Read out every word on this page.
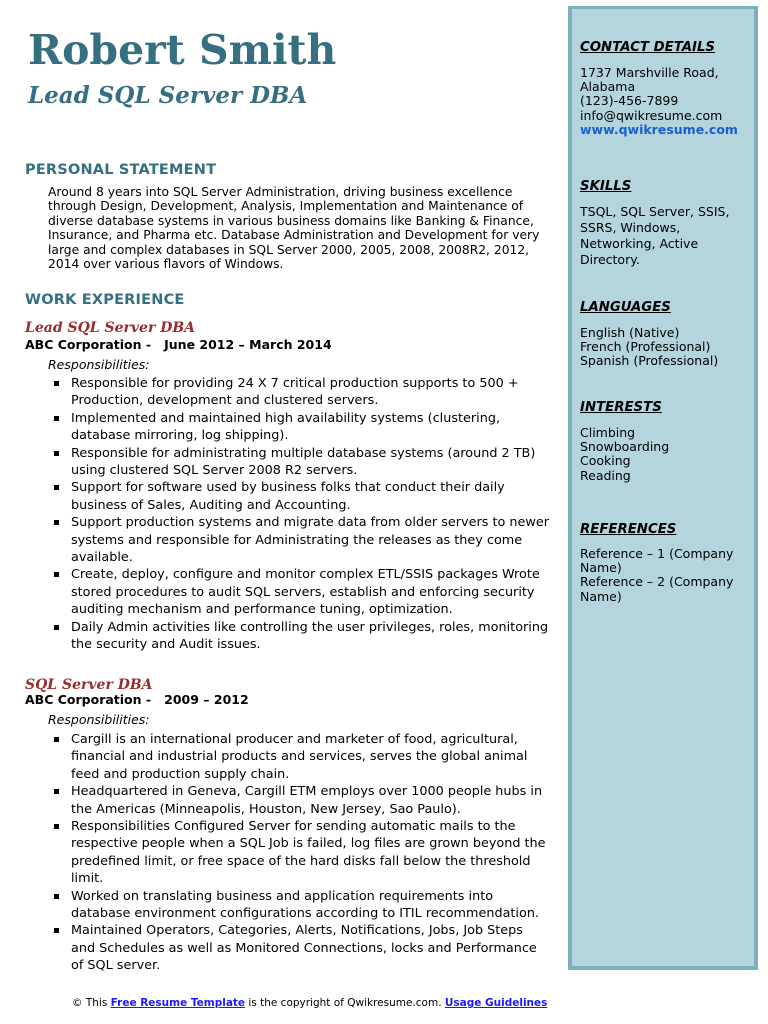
Robert Smith
Lead SQL Server DBA
PERSONAL STATEMENT

Around 8 years into SQL Server Administration, driving business excellence through Design, Development, Analysis, Implementation and Maintenance of diverse database systems in various business domains like Banking & Finance, Insurance, and Pharma etc. Database Administration and Development for very large and complex databases in SQL Server 2000, 2005, 2008, 2008R2, 2012, 2014 over various flavors of Windows.

WORK EXPERIENCE
Lead SQL Server DBA
ABC Corporation -   June 2012 – March 2014
Responsibilities:
Responsible for providing 24 X 7 critical production supports to 500 + Production, development and clustered servers.
Implemented and maintained high availability systems (clustering, database mirroring, log shipping).
Responsible for administrating multiple database systems (around 2 TB) using clustered SQL Server 2008 R2 servers.
Support for software used by business folks that conduct their daily business of Sales, Auditing and Accounting.
Support production systems and migrate data from older servers to newer systems and responsible for Administrating the releases as they come available.
Create, deploy, configure and monitor complex ETL/SSIS packages Wrote stored procedures to audit SQL servers, establish and enforcing security auditing mechanism and performance tuning, optimization.
Daily Admin activities like controlling the user privileges, roles, monitoring the security and Audit issues.
SQL Server DBA
ABC Corporation -   2009 – 2012
Responsibilities:
Cargill is an international producer and marketer of food, agricultural, financial and industrial products and services, serves the global animal feed and production supply chain.
Headquartered in Geneva, Cargill ETM employs over 1000 people hubs in the Americas (Minneapolis, Houston, New Jersey, Sao Paulo).
Responsibilities Configured Server for sending automatic mails to the respective people when a SQL Job is failed, log files are grown beyond the predefined limit, or free space of the hard disks fall below the threshold limit.
Worked on translating business and application requirements into database environment configurations according to ITIL recommendation.
Maintained Operators, Categories, Alerts, Notifications, Jobs, Job Steps and Schedules as well as Monitored Connections, locks and Performance of SQL server.
© This Free Resume Template is the copyright of Qwikresume.com. Usage Guidelines
CONTACT DETAILS
1737 Marshville Road,
Alabama
(123)-456-7899
info@qwikresume.com
www.qwikresume.com
SKILLS
TSQL, SQL Server, SSIS, SSRS, Windows, Networking, Active Directory.
LANGUAGES
English (Native)
French (Professional)
Spanish (Professional)
INTERESTS
Climbing
Snowboarding
Cooking
Reading
REFERENCES
Reference – 1 (Company Name)
Reference – 2 (Company Name)
